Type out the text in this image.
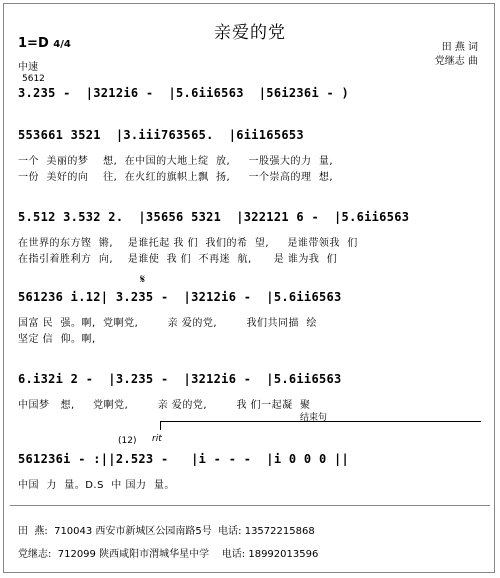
亲爱的党
田 燕 词
党继志 曲
1=D 4/4
中速
5612
3.235 -  |3212i6 -  |5.6ii6563  |56i236i - )
553661 3521  |3.iii763565.  |6ii165653
一个  美丽的梦    想,  在中国的大地上绽  放,     一股强大的力  量,
一份  美好的向    往,  在火红的旗帜上飘  扬,     一个崇高的理  想,
5.512 3.532 2.  |35656 5321  |322121 6 -  |5.6ii6563
在世界的东方铿  锵,    是谁托起 我 们  我们的希  望,     是谁带领我  们
在指引着胜利方  向,    是谁使  我 们  不再迷  航,      是 谁为我  们
𝄋
561236 i.12| 3.235 -  |3212i6 -  |5.6ii6563
国富 民  强。啊,  党啊党,        亲 爱的党,        我们共同描  绘
坚定 信  仰。啊,
6.i32i 2 -  |3.235 -  |3212i6 -  |5.6ii6563
中国梦   想,     党啊党,        亲 爱的党,        我 们一起凝  聚
(12) rit
结束句
561236i - :||2.523 -   |i - - -  |i 0 0 0 ||
中国  力  量。D.S  中 国力  量。
田  燕:  710043 西安市新城区公园南路5号  电话: 13572215868
党继志:  712099 陕西咸阳市渭城华星中学    电话: 18992013596
